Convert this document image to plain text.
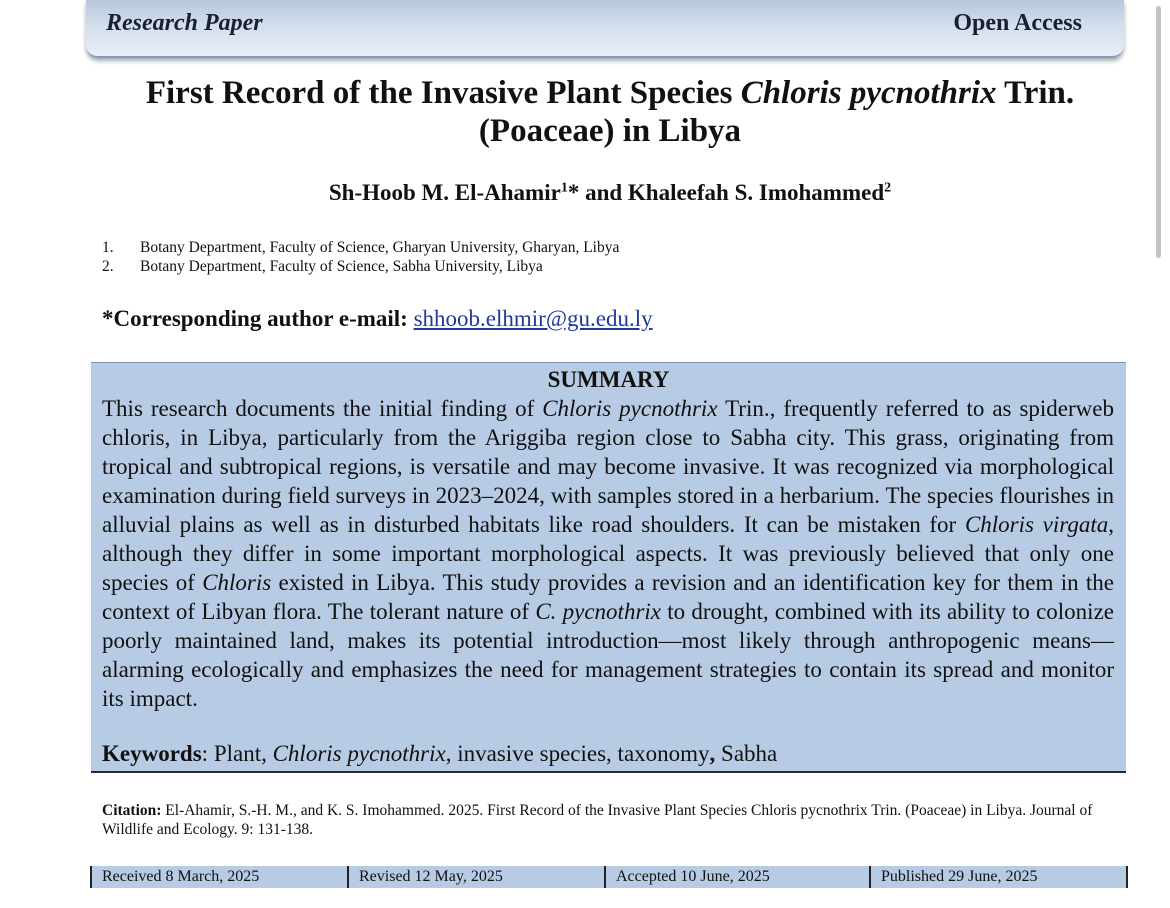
Research Paper	Open Access
First Record of the Invasive Plant Species Chloris pycnothrix Trin.
(Poaceae) in Libya
Sh-Hoob M. El-Ahamir$^1$* and Khaleefah S. Imohammed$^2$
1. Botany Department, Faculty of Science, Gharyan University, Gharyan, Libya
2. Botany Department, Faculty of Science, Sabha University, Libya
*Corresponding author e-mail: shhoob.elhmir@gu.edu.ly
SUMMARY

This research documents the initial finding of Chloris pycnothrix Trin., frequently referred to as spiderweb chloris, in Libya, particularly from the Ariggiba region close to Sabha city. This grass, originating from tropical and subtropical regions, is versatile and may become invasive. It was recognized via morphological examination during field surveys in 2023–2024, with samples stored in a herbarium. The species flourishes in alluvial plains as well as in disturbed habitats like road shoulders. It can be mistaken for Chloris virgata, although they differ in some important morphological aspects. It was previously believed that only one species of Chloris existed in Libya. This study provides a revision and an identification key for them in the context of Libyan flora. The tolerant nature of C. pycnothrix to drought, combined with its ability to colonize poorly maintained land, makes its potential introduction—most likely through anthropogenic means—alarming ecologically and emphasizes the need for management strategies to contain its spread and monitor its impact.

Keywords: Plant, Chloris pycnothrix, invasive species, taxonomy, Sabha
Citation: El-Ahamir, S.-H. M., and K. S. Imohammed. 2025. First Record of the Invasive Plant Species Chloris pycnothrix Trin. (Poaceae) in Libya. Journal of Wildlife and Ecology. 9: 131-138.
Received 8 March, 2025	Revised 12 May, 2025	Accepted 10 June, 2025	Published 29 June, 2025
